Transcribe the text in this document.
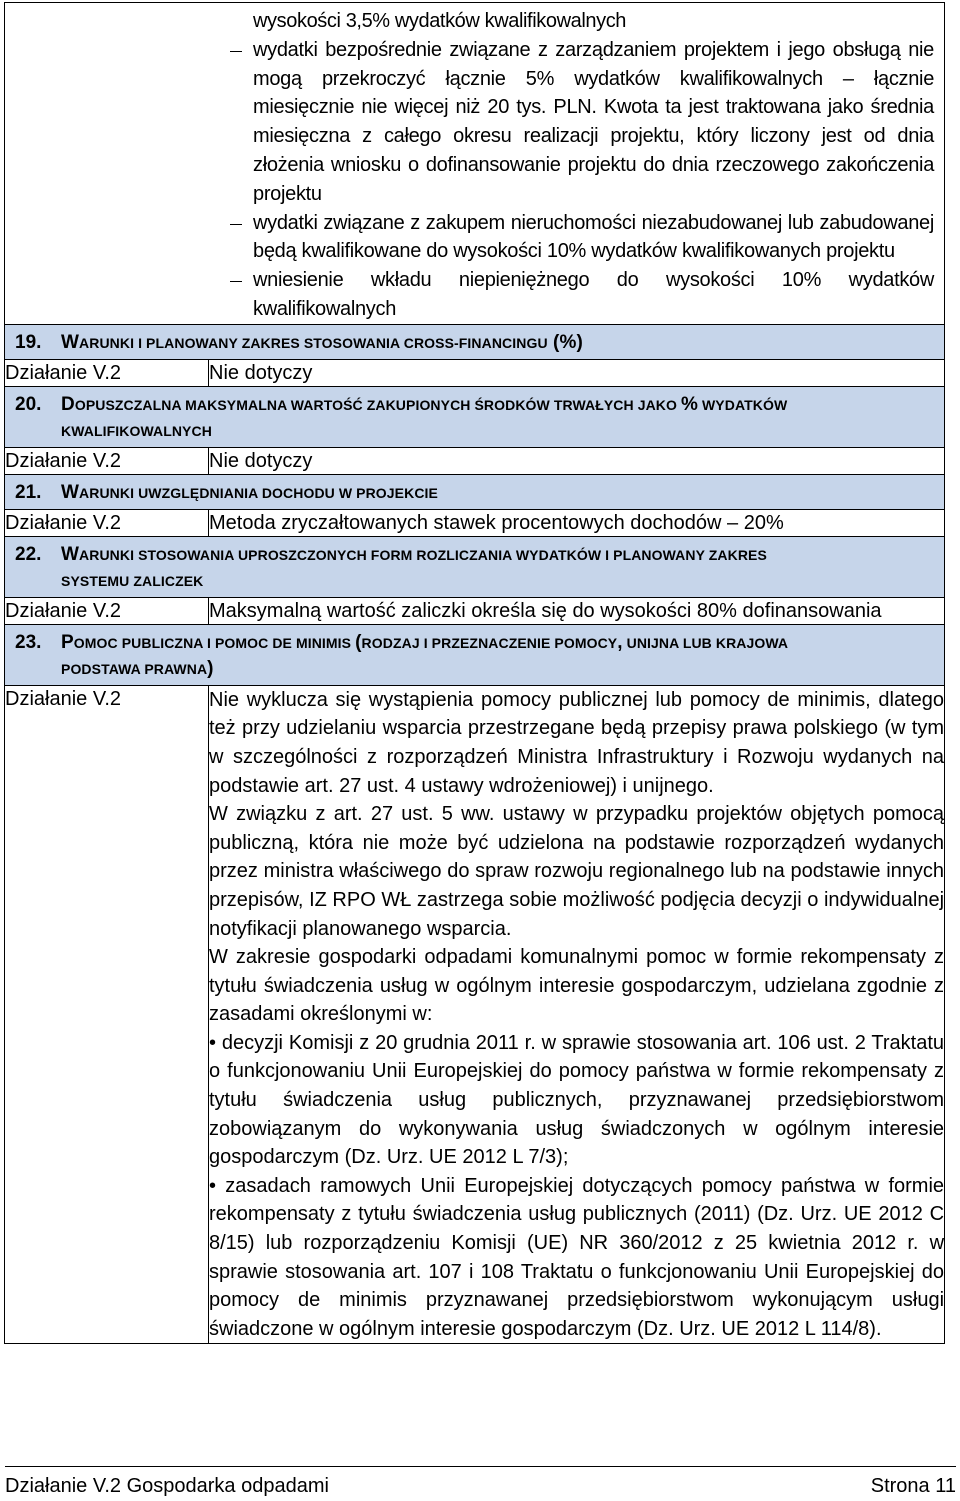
wysokości 3,5% wydatków kwalifikowalnych
wydatki bezpośrednie związane z zarządzaniem projektem i jego obsługą nie mogą przekroczyć łącznie 5% wydatków kwalifikowalnych – łącznie miesięcznie nie więcej niż 20 tys. PLN. Kwota ta jest traktowana jako średnia miesięczna z całego okresu realizacji projektu, który liczony jest od dnia złożenia wniosku o dofinansowanie projektu do dnia rzeczowego zakończenia projektu
wydatki związane z zakupem nieruchomości niezabudowanej lub zabudowanej będą kwalifikowane do wysokości 10% wydatków kwalifikowanych projektu
wniesienie wkładu niepieniężnego do wysokości 10% wydatków kwalifikowalnych	

19. WARUNKI I PLANOWANY ZAKRES STOSOWANIA CROSS-FINANCINGU (%)	

Działanie V.2	Nie dotyczy

20. DOPUSZCZALNA MAKSYMALNA WARTOŚĆ ZAKUPIONYCH ŚRODKÓW TRWAŁYCH JAKO % WYDATKÓW
KWALIFIKOWALNYCH	

Działanie V.2	Nie dotyczy

21. WARUNKI UWZGLĘDNIANIA DOCHODU W PROJEKCIE	

Działanie V.2	Metoda zryczałtowanych stawek procentowych dochodów – 20%

22. WARUNKI STOSOWANIA UPROSZCZONYCH FORM ROZLICZANIA WYDATKÓW I PLANOWANY ZAKRES
SYSTEMU ZALICZEK	

Działanie V.2	Maksymalną wartość zaliczki określa się do wysokości 80% dofinansowania

23. POMOC PUBLICZNA I POMOC DE MINIMIS (RODZAJ I PRZEZNACZENIE POMOCY, UNIJNA LUB KRAJOWA
PODSTAWA PRAWNA)	

Działanie V.2	Nie wyklucza się wystąpienia pomocy publicznej lub pomocy de minimis, dlatego też przy udzielaniu wsparcia przestrzegane będą przepisy prawa polskiego (w tym w szczególności z rozporządzeń Ministra Infrastruktury i Rozwoju wydanych na podstawie art. 27 ust. 4 ustawy wdrożeniowej) i unijnego.

W związku z art. 27 ust. 5 ww. ustawy w przypadku projektów objętych pomocą publiczną, która nie może być udzielona na podstawie rozporządzeń wydanych przez ministra właściwego do spraw rozwoju regionalnego lub na podstawie innych przepisów, IZ RPO WŁ zastrzega sobie możliwość podjęcia decyzji o indywidualnej notyfikacji planowanego wsparcia.

W zakresie gospodarki odpadami komunalnymi pomoc w formie rekompensaty z tytułu świadczenia usług w ogólnym interesie gospodarczym, udzielana zgodnie z zasadami określonymi w:

• decyzji Komisji z 20 grudnia 2011 r. w sprawie stosowania art. 106 ust. 2 Traktatu o funkcjonowaniu Unii Europejskiej do pomocy państwa w formie rekompensaty z tytułu świadczenia usług publicznych, przyznawanej przedsiębiorstwom zobowiązanym do wykonywania usług świadczonych w ogólnym interesie gospodarczym (Dz. Urz. UE 2012 L 7/3);

• zasadach ramowych Unii Europejskiej dotyczących pomocy państwa w formie rekompensaty z tytułu świadczenia usług publicznych (2011) (Dz. Urz. UE 2012 C 8/15) lub rozporządzeniu Komisji (UE) NR 360/2012 z 25 kwietnia 2012 r. w sprawie stosowania art. 107 i 108 Traktatu o funkcjonowaniu Unii Europejskiej do pomocy de minimis przyznawanej przedsiębiorstwom wykonującym usługi świadczone w ogólnym interesie gospodarczym (Dz. Urz. UE 2012 L 114/8).

Działanie V.2 Gospodarka odpadami	Strona 11
